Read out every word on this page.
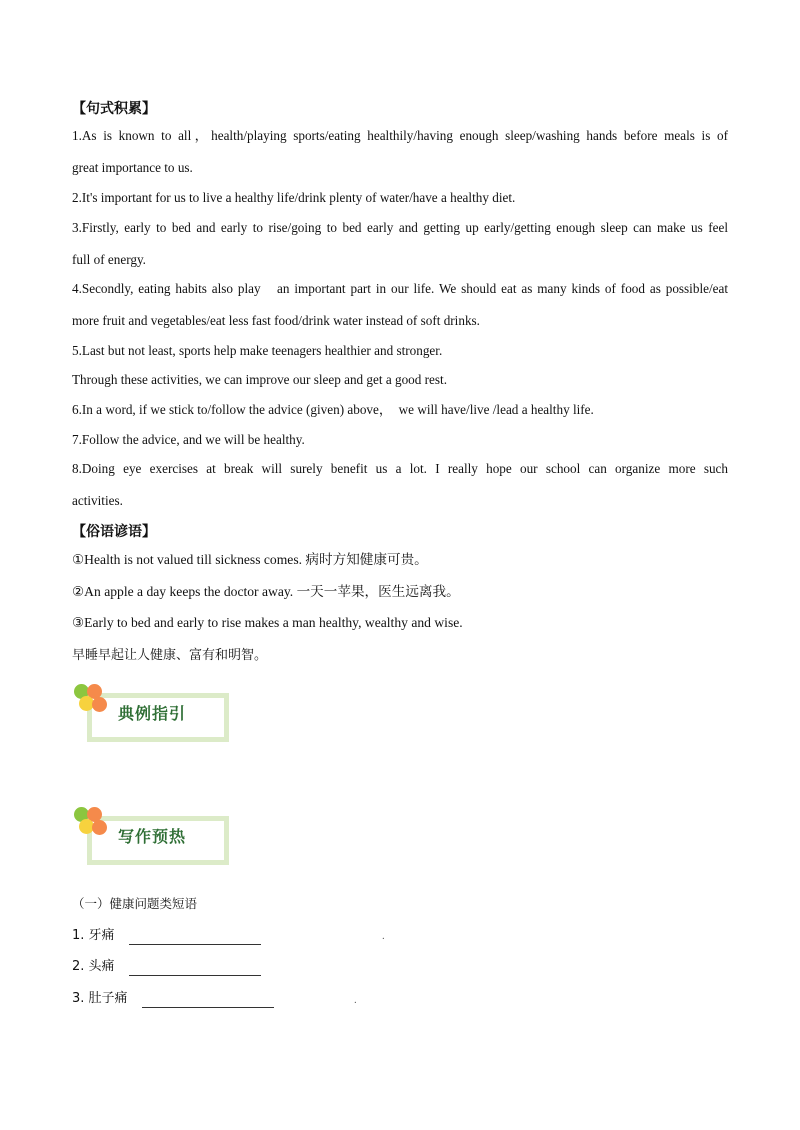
【句式积累】
1.As is known to all，health/playing sports/eating healthily/having enough sleep/washing hands before meals is of
great importance to us.
2.It's important for us to live a healthy life/drink plenty of water/have a healthy diet.
3.Firstly, early to bed and early to rise/going to bed early and getting up early/getting enough sleep can make us feel
full of energy.
4.Secondly, eating habits also play　an important part in our life. We should eat as many kinds of food as possible/eat
more fruit and vegetables/eat less fast food/drink water instead of soft drinks.
5.Last but not least, sports help make teenagers healthier and stronger.
Through these activities, we can improve our sleep and get a good rest.
6.In a word, if we stick to/follow the advice (given) above，　we will have/live /lead a healthy life.
7.Follow the advice, and we will be healthy.
8.Doing eye exercises at break will surely benefit us a lot. I really hope our school can organize more such
activities.
【俗语谚语】
①Health is not valued till sickness comes. 病时方知健康可贵。
②An apple a day keeps the doctor away. 一天一苹果，医生远离我。
③Early to bed and early to rise makes a man healthy, wealthy and wise.
早睡早起让人健康、富有和明智。
典例指引
写作预热
（一）健康问题类短语
1. 牙痛	.
2. 头痛
3. 肚子痛	.
